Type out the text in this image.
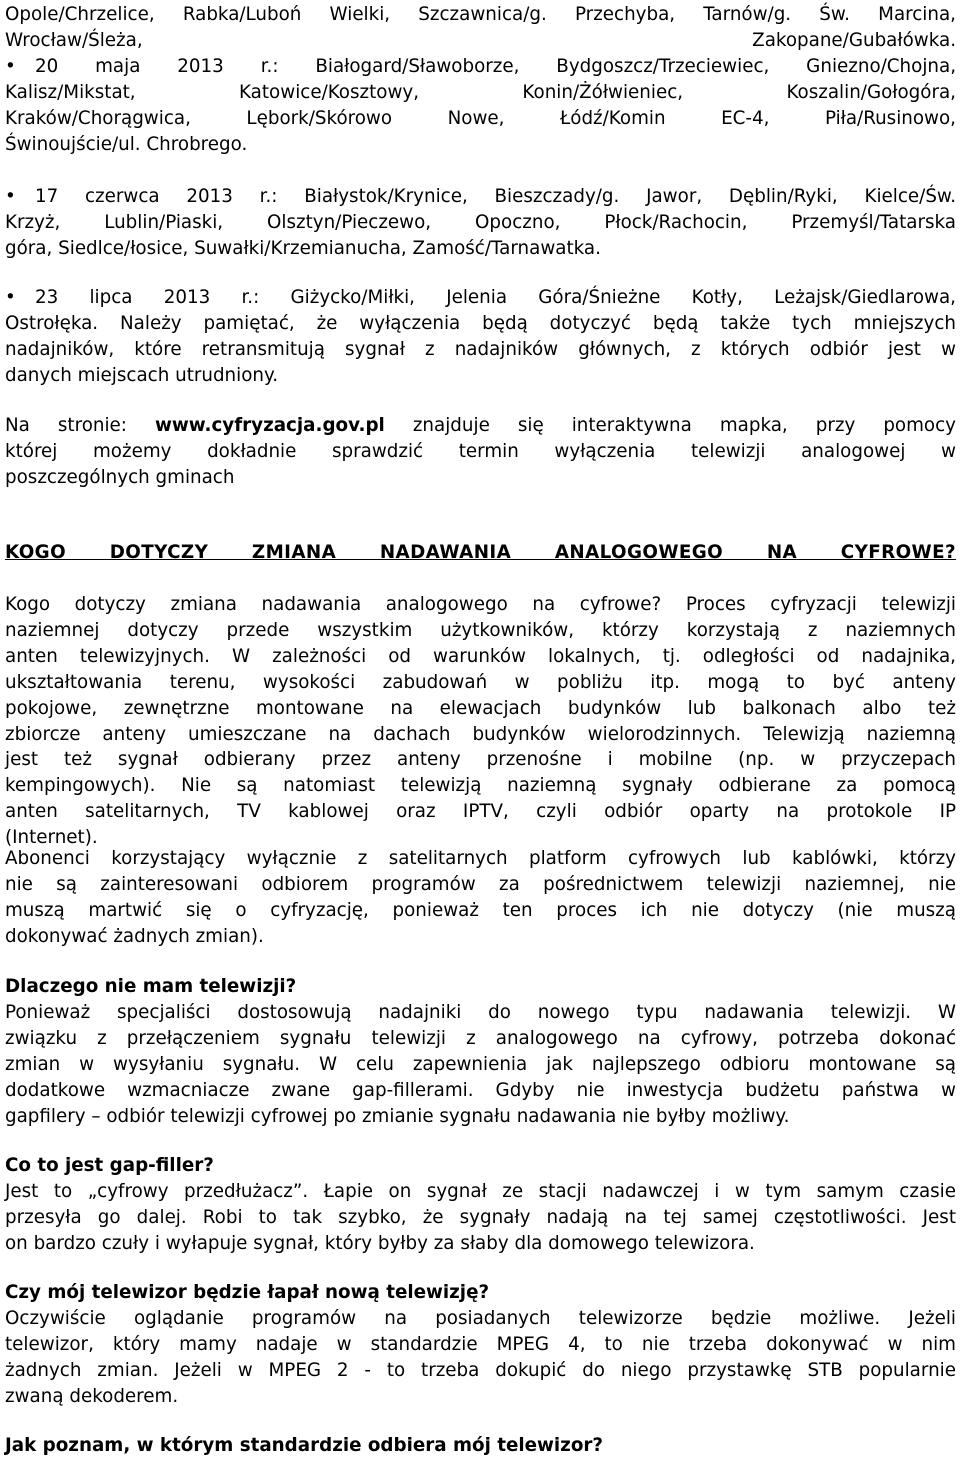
Opole/Chrzelice, Rabka/Luboń Wielki, Szczawnica/g. Przechyba, Tarnów/g. Św. Marcina,
Wrocław/Śleża, Zakopane/Gubałówka.
• 20 maja 2013 r.: Białogard/Sławoborze, Bydgoszcz/Trzeciewiec, Gniezno/Chojna,
Kalisz/Mikstat, Katowice/Kosztowy, Konin/Żółwieniec, Koszalin/Gołogóra,
Kraków/Chorągwica, Lębork/Skórowo Nowe, Łódź/Komin EC-4, Piła/Rusinowo,
Świnoujście/ul. Chrobrego.
• 17 czerwca 2013 r.: Białystok/Krynice, Bieszczady/g. Jawor, Dęblin/Ryki, Kielce/Św.
Krzyż, Lublin/Piaski, Olsztyn/Pieczewo, Opoczno, Płock/Rachocin, Przemyśl/Tatarska
góra, Siedlce/łosice, Suwałki/Krzemianucha, Zamość/Tarnawatka.
• 23 lipca 2013 r.: Giżycko/Miłki, Jelenia Góra/Śnieżne Kotły, Leżajsk/Giedlarowa,
Ostrołęka. Należy pamiętać, że wyłączenia będą dotyczyć będą także tych mniejszych
nadajników, które retransmitują sygnał z nadajników głównych, z których odbiór jest w
danych miejscach utrudniony.
Na stronie: www.cyfryzacja.gov.pl znajduje się interaktywna mapka, przy pomocy
której możemy dokładnie sprawdzić termin wyłączenia telewizji analogowej w
poszczególnych gminach
KOGO DOTYCZY ZMIANA NADAWANIA ANALOGOWEGO NA CYFROWE?
Kogo dotyczy zmiana nadawania analogowego na cyfrowe? Proces cyfryzacji telewizji
naziemnej dotyczy przede wszystkim użytkowników, którzy korzystają z naziemnych
anten telewizyjnych. W zależności od warunków lokalnych, tj. odległości od nadajnika,
ukształtowania terenu, wysokości zabudowań w pobliżu itp. mogą to być anteny
pokojowe, zewnętrzne montowane na elewacjach budynków lub balkonach albo też
zbiorcze anteny umieszczane na dachach budynków wielorodzinnych. Telewizją naziemną
jest też sygnał odbierany przez anteny przenośne i mobilne (np. w przyczepach
kempingowych). Nie są natomiast telewizją naziemną sygnały odbierane za pomocą
anten satelitarnych, TV kablowej oraz IPTV, czyli odbiór oparty na protokole IP
(Internet).
Abonenci korzystający wyłącznie z satelitarnych platform cyfrowych lub kablówki, którzy
nie są zainteresowani odbiorem programów za pośrednictwem telewizji naziemnej, nie
muszą martwić się o cyfryzację, ponieważ ten proces ich nie dotyczy (nie muszą
dokonywać żadnych zmian).
Dlaczego nie mam telewizji?
Ponieważ specjaliści dostosowują nadajniki do nowego typu nadawania telewizji. W
związku z przełączeniem sygnału telewizji z analogowego na cyfrowy, potrzeba dokonać
zmian w wysyłaniu sygnału. W celu zapewnienia jak najlepszego odbioru montowane są
dodatkowe wzmacniacze zwane gap-fillerami. Gdyby nie inwestycja budżetu państwa w
gapfilery – odbiór telewizji cyfrowej po zmianie sygnału nadawania nie byłby możliwy.
Co to jest gap-filler?
Jest to „cyfrowy przedłużacz”. Łapie on sygnał ze stacji nadawczej i w tym samym czasie
przesyła go dalej. Robi to tak szybko, że sygnały nadają na tej samej częstotliwości. Jest
on bardzo czuły i wyłapuje sygnał, który byłby za słaby dla domowego telewizora.
Czy mój telewizor będzie łapał nową telewizję?
Oczywiście oglądanie programów na posiadanych telewizorze będzie możliwe. Jeżeli
telewizor, który mamy nadaje w standardzie MPEG 4, to nie trzeba dokonywać w nim
żadnych zmian. Jeżeli w MPEG 2 - to trzeba dokupić do niego przystawkę STB popularnie
zwaną dekoderem.
Jak poznam, w którym standardzie odbiera mój telewizor?
